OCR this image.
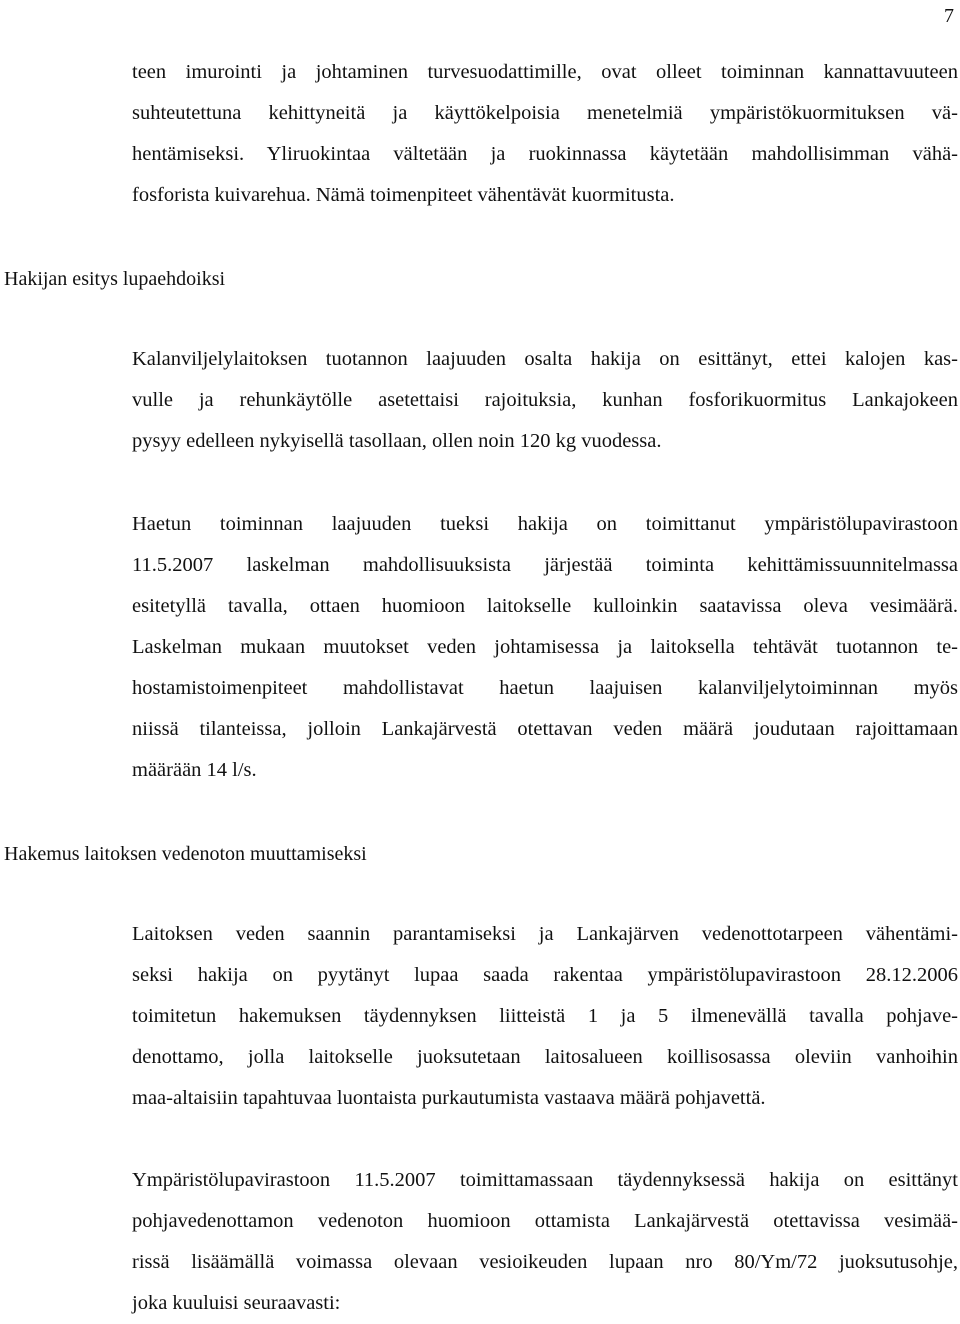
7
teen imurointi ja johtaminen turvesuodattimille, ovat olleet toiminnan kannattavuuteen
suhteutettuna kehittyneitä ja käyttökelpoisia menetelmiä ympäristökuormituksen vä-
hentämiseksi. Yliruokintaa vältetään ja ruokinnassa käytetään mahdollisimman vähä-
fosforista kuivarehua. Nämä toimenpiteet vähentävät kuormitusta.
Hakijan esitys lupaehdoiksi
Kalanviljelylaitoksen tuotannon laajuuden osalta hakija on esittänyt, ettei kalojen kas-
vulle ja rehunkäytölle asetettaisi rajoituksia, kunhan fosforikuormitus Lankajokeen
pysyy edelleen nykyisellä tasollaan, ollen noin 120 kg vuodessa.
Haetun toiminnan laajuuden tueksi hakija on toimittanut ympäristölupavirastoon
11.5.2007 laskelman mahdollisuuksista järjestää toiminta kehittämissuunnitelmassa
esitetyllä tavalla, ottaen huomioon laitokselle kulloinkin saatavissa oleva vesimäärä.
Laskelman mukaan muutokset veden johtamisessa ja laitoksella tehtävät tuotannon te-
hostamistoimenpiteet mahdollistavat haetun laajuisen kalanviljelytoiminnan myös
niissä tilanteissa, jolloin Lankajärvestä otettavan veden määrä joudutaan rajoittamaan
määrään 14 l/s.
Hakemus laitoksen vedenoton muuttamiseksi
Laitoksen veden saannin parantamiseksi ja Lankajärven vedenottotarpeen vähentämi-
seksi hakija on pyytänyt lupaa saada rakentaa ympäristölupavirastoon 28.12.2006
toimitetun hakemuksen täydennyksen liitteistä 1 ja 5 ilmenevällä tavalla pohjave-
denottamo, jolla laitokselle juoksutetaan laitosalueen koillisosassa oleviin vanhoihin
maa-altaisiin tapahtuvaa luontaista purkautumista vastaava määrä pohjavettä.
Ympäristölupavirastoon 11.5.2007 toimittamassaan täydennyksessä hakija on esittänyt
pohjavedenottamon vedenoton huomioon ottamista Lankajärvestä otettavissa vesimää-
rissä lisäämällä voimassa olevaan vesioikeuden lupaan nro 80/Ym/72 juoksutusohje,
joka kuuluisi seuraavasti:
